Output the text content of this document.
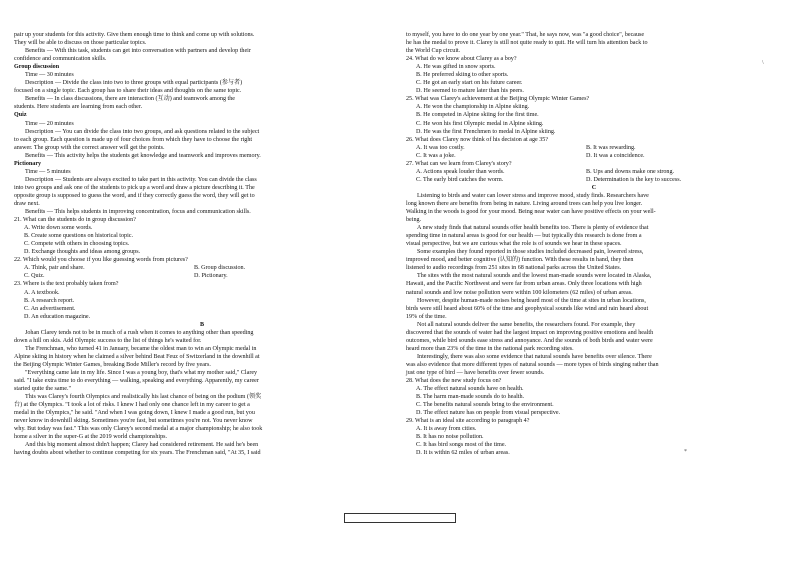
pair up your students for this activity. Give them enough time to think and come up with solutions.

They will be able to discuss on those particular topics.

Benefits — With this task, students can get into conversation with partners and develop their

confidence and communication skills.

Group discussion

Time — 30 minutes

Description — Divide the class into two to three groups with equal participants (参与者)

focused on a single topic. Each group has to share their ideas and thoughts on the same topic.

Benefits — In class discussions, there are interaction (互动) and teamwork among the

students. Here students are learning from each other.

Quiz

Time — 20 minutes

Description — You can divide the class into two groups, and ask questions related to the subject

to each group. Each question is made up of four choices from which they have to choose the right

answer. The group with the correct answer will get the points.

Benefits — This activity helps the students get knowledge and teamwork and improves memory.

Pictionary

Time — 5 minutes

Description — Students are always excited to take part in this activity. You can divide the class

into two groups and ask one of the students to pick up a word and draw a picture describing it. The

opposite group is supposed to guess the word, and if they correctly guess the word, they will get to

draw next.

Benefits — This helps students in improving concentration, focus and communication skills.

21. What can the students do in group discussion?

A. Write down some words.

B. Create some questions on historical topic.

C. Compete with others in choosing topics.

D. Exchange thoughts and ideas among groups.

22. Which would you choose if you like guessing words from pictures?

A. Think, pair and share.	B. Group discussion.

C. Quiz.	D. Pictionary.

23. Where is the text probably taken from?

A. A textbook.

B. A research report.

C. An advertisement.

D. An education magazine.

B

Johan Clarey tends not to be in much of a rush when it comes to anything other than speeding

down a hill on skis. Add Olympic success to the list of things he's waited for.

The Frenchman, who turned 41 in January, became the oldest man to win an Olympic medal in

Alpine skiing in history when he claimed a silver behind Beat Feuz of Switzerland in the downhill at

the Beijing Olympic Winter Games, breaking Bode Miller's record by five years.

"Everything came late in my life. Since I was a young boy, that's what my mother said," Clarey

said. "I take extra time to do everything — walking, speaking and everything. Apparently, my career

started quite the same."

This was Clarey's fourth Olympics and realistically his last chance of being on the podium (领奖

台) at the Olympics. "I took a lot of risks. I knew I had only one chance left in my career to get a

medal in the Olympics," he said. "And when I was going down, I knew I made a good run, but you

never know in downhill skiing. Sometimes you're fast, but sometimes you're not. You never know

why. But today was fast." This was only Clarey's second medal at a major championship; he also took

home a silver in the super-G at the 2019 world championships.

And this big moment almost didn't happen; Clarey had considered retirement. He said he's been

having doubts about whether to continue competing for six years. The Frenchman said, "At 35, I said

to myself, you have to do one year by one year." That, he says now, was "a good choice", because

he has the medal to prove it. Clarey is still not quite ready to quit. He will turn his attention back to

the World Cup circuit.

24. What do we know about Clarey as a boy?

A. He was gifted in snow sports.

B. He preferred skiing to other sports.

C. He got an early start on his future career.

D. He seemed to mature later than his peers.

25. What was Clarey's achievement at the Beijing Olympic Winter Games?

A. He won the championship in Alpine skiing.

B. He competed in Alpine skiing for the first time.

C. He won his first Olympic medal in Alpine skiing.

D. He was the first Frenchmen to medal in Alpine skiing.

26. What does Clarey now think of his decision at age 35?

A. It was too costly.	B. It was rewarding.

C. It was a joke.	D. It was a coincidence.

27. What can we learn from Clarey's story?

A. Actions speak louder than words.	B. Ups and downs make one strong.

C. The early bird catches the worm.	D. Determination is the key to success.

C

Listening to birds and water can lower stress and improve mood, study finds. Researchers have

long known there are benefits from being in nature. Living around trees can help you live longer.

Walking in the woods is good for your mood. Being near water can have positive effects on your well-

being.

A new study finds that natural sounds offer health benefits too. There is plenty of evidence that

spending time in natural areas is good for our health — but typically this research is done from a

visual perspective, but we are curious what the role is of sounds we hear in these spaces.

Some examples they found reported in those studies included decreased pain, lowered stress,

improved mood, and better cognitive (认知的) function. With these results in hand, they then

listened to audio recordings from 251 sites in 68 national parks across the United States.

The sites with the most natural sounds and the lowest man-made sounds were located in Alaska,

Hawaii, and the Pacific Northwest and were far from urban areas. Only three locations with high

natural sounds and low noise pollution were within 100 kilometers (62 miles) of urban areas.

However, despite human-made noises being heard most of the time at sites in urban locations,

birds were still heard about 60% of the time and geophysical sounds like wind and rain heard about

19% of the time.

Not all natural sounds deliver the same benefits, the researchers found. For example, they

discovered that the sounds of water had the largest impact on improving positive emotions and health

outcomes, while bird sounds ease stress and annoyance. And the sounds of both birds and water were

heard more than 23% of the time in the national park recording sites.

Interestingly, there was also some evidence that natural sounds have benefits over silence. There

was also evidence that more different types of natural sounds — more types of birds singing rather than

just one type of bird — have benefits over fewer sounds.

28. What does the new study focus on?

A. The effect natural sounds have on health.

B. The harm man-made sounds do to health.

C. The benefits natural sounds bring to the environment.

D. The effect nature has on people from visual perspective.

29. What is an ideal site according to paragraph 4?

A. It is away from cities.

B. It has no noise pollution.

C. It has bird songs most of the time.

D. It is within 62 miles of urban areas.

\
*
